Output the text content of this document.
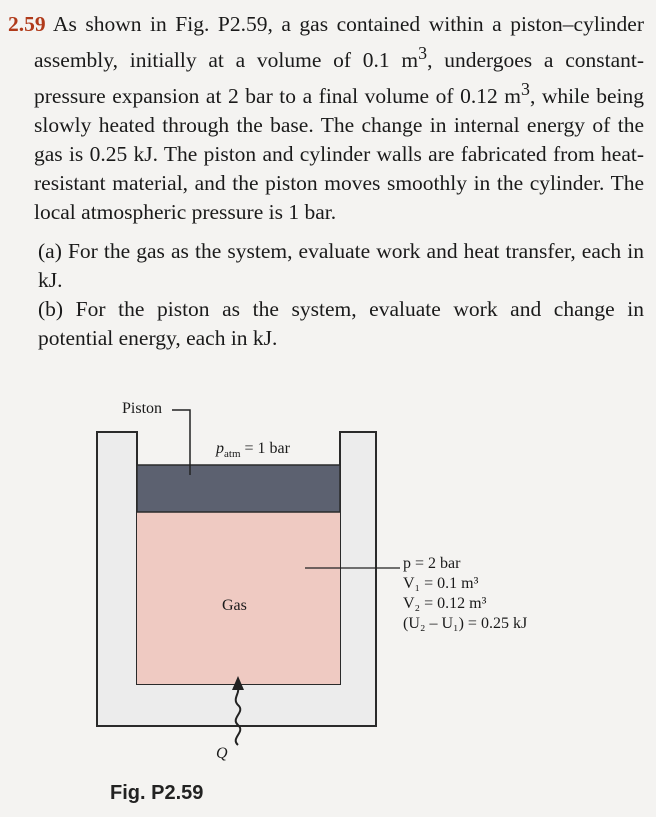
2.59 As shown in Fig. P2.59, a gas contained within a piston–cylinder assembly, initially at a volume of 0.1 $m^3$, undergoes a constant-pressure expansion at 2 bar to a final volume of 0.12 $m^3$, while being slowly heated through the base. The change in internal energy of the gas is 0.25 kJ. The piston and cylinder walls are fabricated from heat-resistant material, and the piston moves smoothly in the cylinder. The local atmospheric pressure is 1 bar.

(a) For the gas as the system, evaluate work and heat transfer, each in kJ.

(b) For the piston as the system, evaluate work and change in potential energy, each in kJ.

Piston
$p_{atm} = 1$ bar
Gas
Q
p = 2 bar
V₁ = 0.1 m³
V₂ = 0.12 m³
(U₂ – U₁) = 0.25 kJ
Fig. P2.59
